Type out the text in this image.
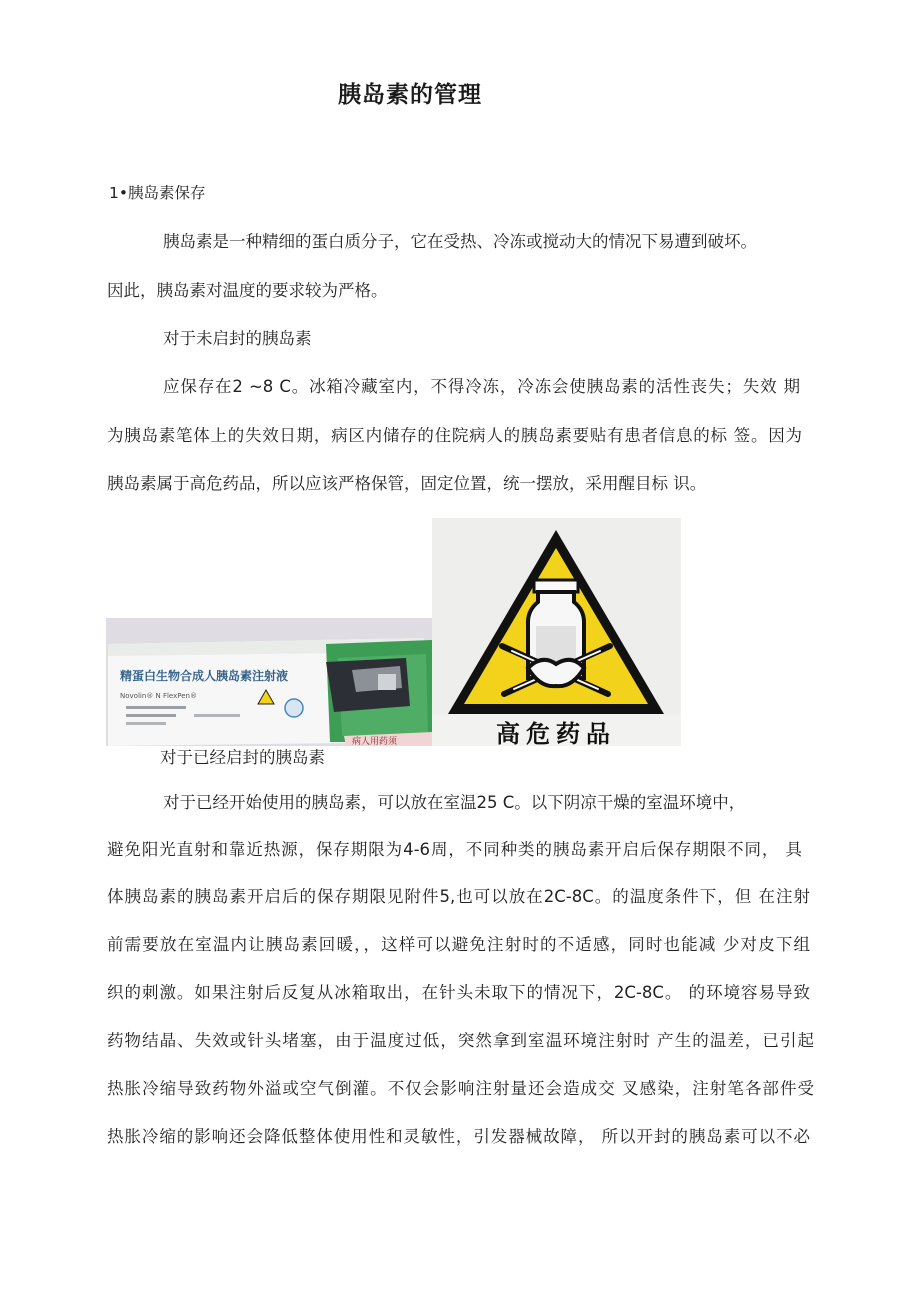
胰岛素的管理
1•胰岛素保存
胰岛素是一种精细的蛋白质分子，它在受热、冷冻或搅动大的情况下易遭到破坏。
因此，胰岛素对温度的要求较为严格。
对于未启封的胰岛素
应保存在2 ~8 C。冰箱冷藏室内，不得冷冻，冷冻会使胰岛素的活性丧失；失效 期
为胰岛素笔体上的失效日期，病区内储存的住院病人的胰岛素要贴有患者信息的标 签。因为
胰岛素属于高危药品，所以应该严格保管，固定位置，统一摆放，采用醒目标 识。
病人用药须
精蛋白生物合成人胰岛素注射液
Novolin® N FlexPen®
高危药品
对于已经启封的胰岛素
对于已经开始使用的胰岛素，可以放在室温25 C。以下阴凉干燥的室温环境中，
避免阳光直射和靠近热源，保存期限为4-6周，不同种类的胰岛素开启后保存期限不同， 具
体胰岛素的胰岛素开启后的保存期限见附件5,也可以放在2C-8C。的温度条件下，但 在注射
前需要放在室温内让胰岛素回暖，，这样可以避免注射时的不适感，同时也能减 少对皮下组
织的刺激。如果注射后反复从冰箱取出，在针头未取下的情况下，2C-8C。 的环境容易导致
药物结晶、失效或针头堵塞，由于温度过低，突然拿到室温环境注射时 产生的温差，已引起
热胀冷缩导致药物外溢或空气倒灌。不仅会影响注射量还会造成交 叉感染，注射笔各部件受
热胀冷缩的影响还会降低整体使用性和灵敏性，引发器械故障， 所以开封的胰岛素可以不必
